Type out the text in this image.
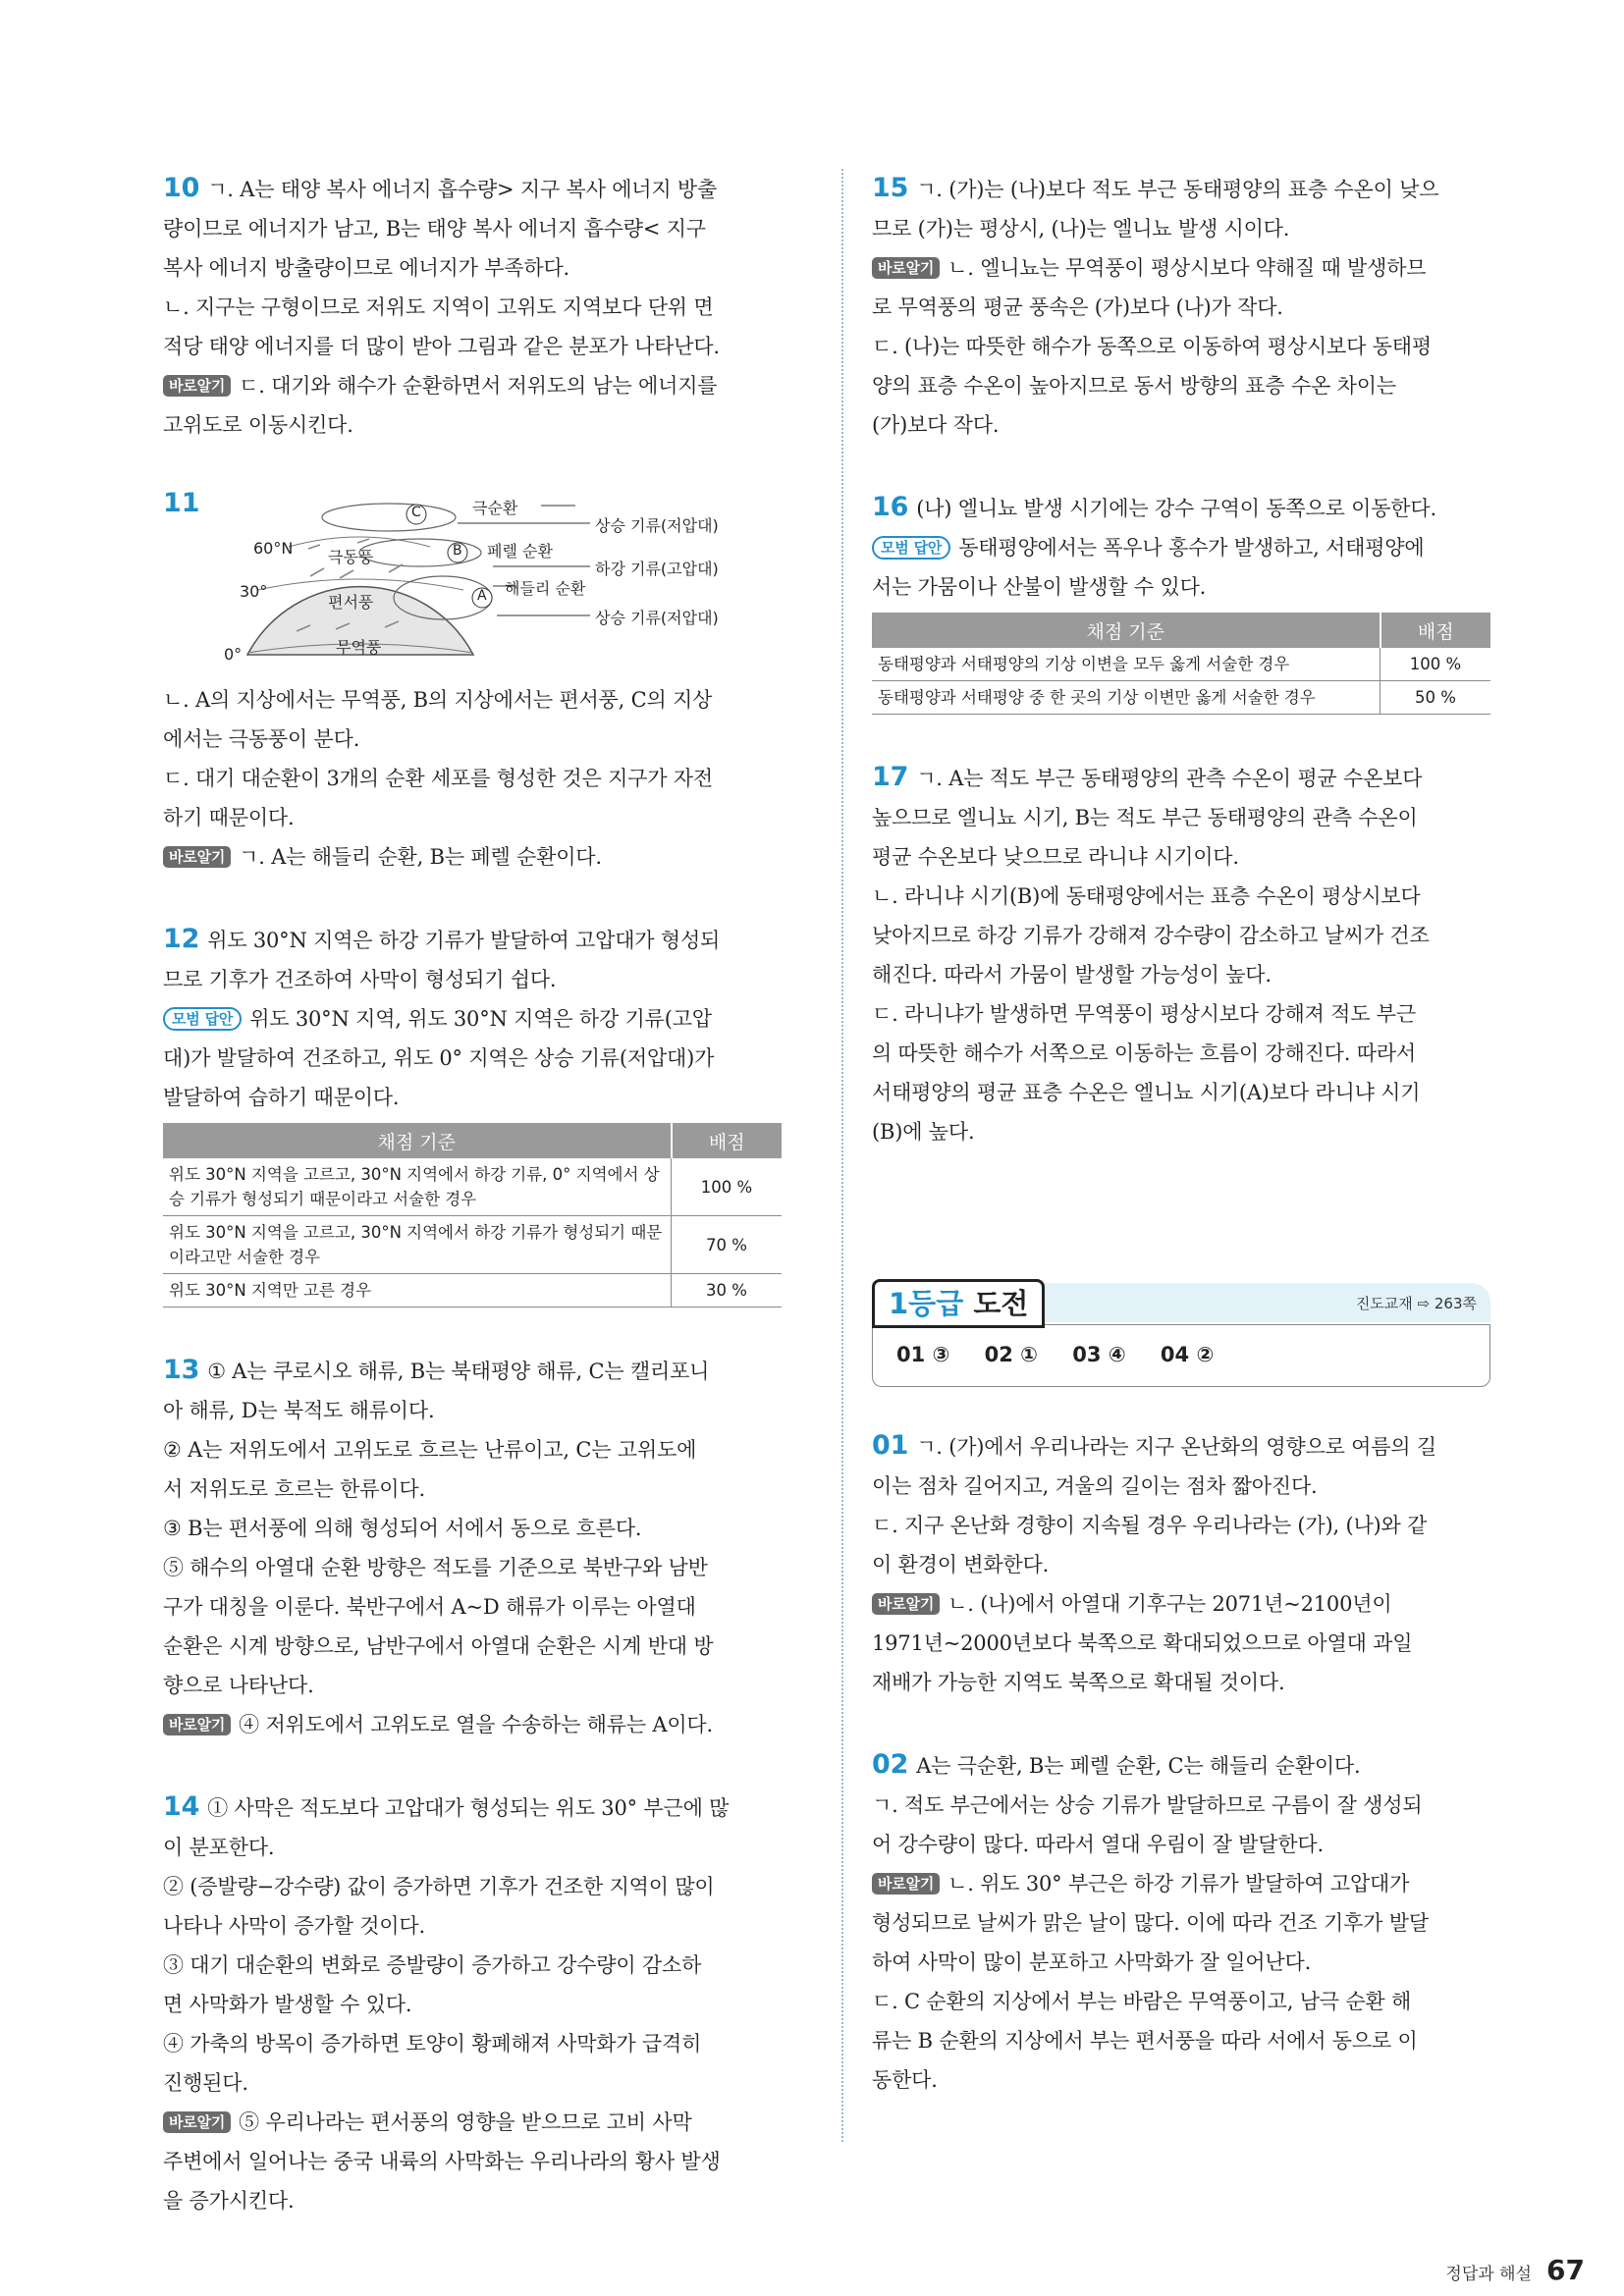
10 ㄱ. A는 태양 복사 에너지 흡수량> 지구 복사 에너지 방출

량이므로 에너지가 남고, B는 태양 복사 에너지 흡수량< 지구

복사 에너지 방출량이므로 에너지가 부족하다.

ㄴ. 지구는 구형이므로 저위도 지역이 고위도 지역보다 단위 면

적당 태양 에너지를 더 많이 받아 그림과 같은 분포가 나타난다.

바로알기 ㄷ. 대기와 해수가 순환하면서 저위도의 남는 에너지를

고위도로 이동시킨다.

11
60°N
30°
0°
극동풍
편서풍
무역풍
C
B
A
극순환
페렐 순환
해들리 순환
상승 기류(저압대)
하강 기류(고압대)
상승 기류(저압대)

ㄴ. A의 지상에서는 무역풍, B의 지상에서는 편서풍, C의 지상

에서는 극동풍이 분다.

ㄷ. 대기 대순환이 3개의 순환 세포를 형성한 것은 지구가 자전

하기 때문이다.

바로알기 ㄱ. A는 해들리 순환, B는 페렐 순환이다.

12 위도 30°N 지역은 하강 기류가 발달하여 고압대가 형성되

므로 기후가 건조하여 사막이 형성되기 쉽다.

모범 답안 위도 30°N 지역, 위도 30°N 지역은 하강 기류(고압

대)가 발달하여 건조하고, 위도 0° 지역은 상승 기류(저압대)가

발달하여 습하기 때문이다.

채점 기준	배점
위도 30°N 지역을 고르고, 30°N 지역에서 하강 기류, 0° 지역에서 상승 기류가 형성되기 때문이라고 서술한 경우	100 %
위도 30°N 지역을 고르고, 30°N 지역에서 하강 기류가 형성되기 때문이라고만 서술한 경우	70 %
위도 30°N 지역만 고른 경우	30 %

13 ① A는 쿠로시오 해류, B는 북태평양 해류, C는 캘리포니

아 해류, D는 북적도 해류이다.

② A는 저위도에서 고위도로 흐르는 난류이고, C는 고위도에

서 저위도로 흐르는 한류이다.

③ B는 편서풍에 의해 형성되어 서에서 동으로 흐른다.

⑤ 해수의 아열대 순환 방향은 적도를 기준으로 북반구와 남반

구가 대칭을 이룬다. 북반구에서 A~D 해류가 이루는 아열대

순환은 시계 방향으로, 남반구에서 아열대 순환은 시계 반대 방

향으로 나타난다.

바로알기 ④ 저위도에서 고위도로 열을 수송하는 해류는 A이다.

14 ① 사막은 적도보다 고압대가 형성되는 위도 30° 부근에 많

이 분포한다.

② (증발량−강수량) 값이 증가하면 기후가 건조한 지역이 많이

나타나 사막이 증가할 것이다.

③ 대기 대순환의 변화로 증발량이 증가하고 강수량이 감소하

면 사막화가 발생할 수 있다.

④ 가축의 방목이 증가하면 토양이 황폐해져 사막화가 급격히

진행된다.

바로알기 ⑤ 우리나라는 편서풍의 영향을 받으므로 고비 사막

주변에서 일어나는 중국 내륙의 사막화는 우리나라의 황사 발생

을 증가시킨다.

15 ㄱ. (가)는 (나)보다 적도 부근 동태평양의 표층 수온이 낮으

므로 (가)는 평상시, (나)는 엘니뇨 발생 시이다.

바로알기 ㄴ. 엘니뇨는 무역풍이 평상시보다 약해질 때 발생하므

로 무역풍의 평균 풍속은 (가)보다 (나)가 작다.

ㄷ. (나)는 따뜻한 해수가 동쪽으로 이동하여 평상시보다 동태평

양의 표층 수온이 높아지므로 동서 방향의 표층 수온 차이는

(가)보다 작다.

16 (나) 엘니뇨 발생 시기에는 강수 구역이 동쪽으로 이동한다.

모범 답안 동태평양에서는 폭우나 홍수가 발생하고, 서태평양에

서는 가뭄이나 산불이 발생할 수 있다.

채점 기준	배점
동태평양과 서태평양의 기상 이변을 모두 옳게 서술한 경우	100 %
동태평양과 서태평양 중 한 곳의 기상 이변만 옳게 서술한 경우	50 %

17 ㄱ. A는 적도 부근 동태평양의 관측 수온이 평균 수온보다

높으므로 엘니뇨 시기, B는 적도 부근 동태평양의 관측 수온이

평균 수온보다 낮으므로 라니냐 시기이다.

ㄴ. 라니냐 시기(B)에 동태평양에서는 표층 수온이 평상시보다

낮아지므로 하강 기류가 강해져 강수량이 감소하고 날씨가 건조

해진다. 따라서 가뭄이 발생할 가능성이 높다.

ㄷ. 라니냐가 발생하면 무역풍이 평상시보다 강해져 적도 부근

의 따뜻한 해수가 서쪽으로 이동하는 흐름이 강해진다. 따라서

서태평양의 평균 표층 수온은 엘니뇨 시기(A)보다 라니냐 시기

(B)에 높다.

1등급 도전	진도교재 ⇨ 263쪽
01 ③ 02 ① 03 ④ 04 ②

01 ㄱ. (가)에서 우리나라는 지구 온난화의 영향으로 여름의 길

이는 점차 길어지고, 겨울의 길이는 점차 짧아진다.

ㄷ. 지구 온난화 경향이 지속될 경우 우리나라는 (가), (나)와 같

이 환경이 변화한다.

바로알기 ㄴ. (나)에서 아열대 기후구는 2071년~2100년이

1971년~2000년보다 북쪽으로 확대되었으므로 아열대 과일

재배가 가능한 지역도 북쪽으로 확대될 것이다.

02 A는 극순환, B는 페렐 순환, C는 해들리 순환이다.

ㄱ. 적도 부근에서는 상승 기류가 발달하므로 구름이 잘 생성되

어 강수량이 많다. 따라서 열대 우림이 잘 발달한다.

바로알기 ㄴ. 위도 30° 부근은 하강 기류가 발달하여 고압대가

형성되므로 날씨가 맑은 날이 많다. 이에 따라 건조 기후가 발달

하여 사막이 많이 분포하고 사막화가 잘 일어난다.

ㄷ. C 순환의 지상에서 부는 바람은 무역풍이고, 남극 순환 해

류는 B 순환의 지상에서 부는 편서풍을 따라 서에서 동으로 이

동한다.

정답과 해설 67
